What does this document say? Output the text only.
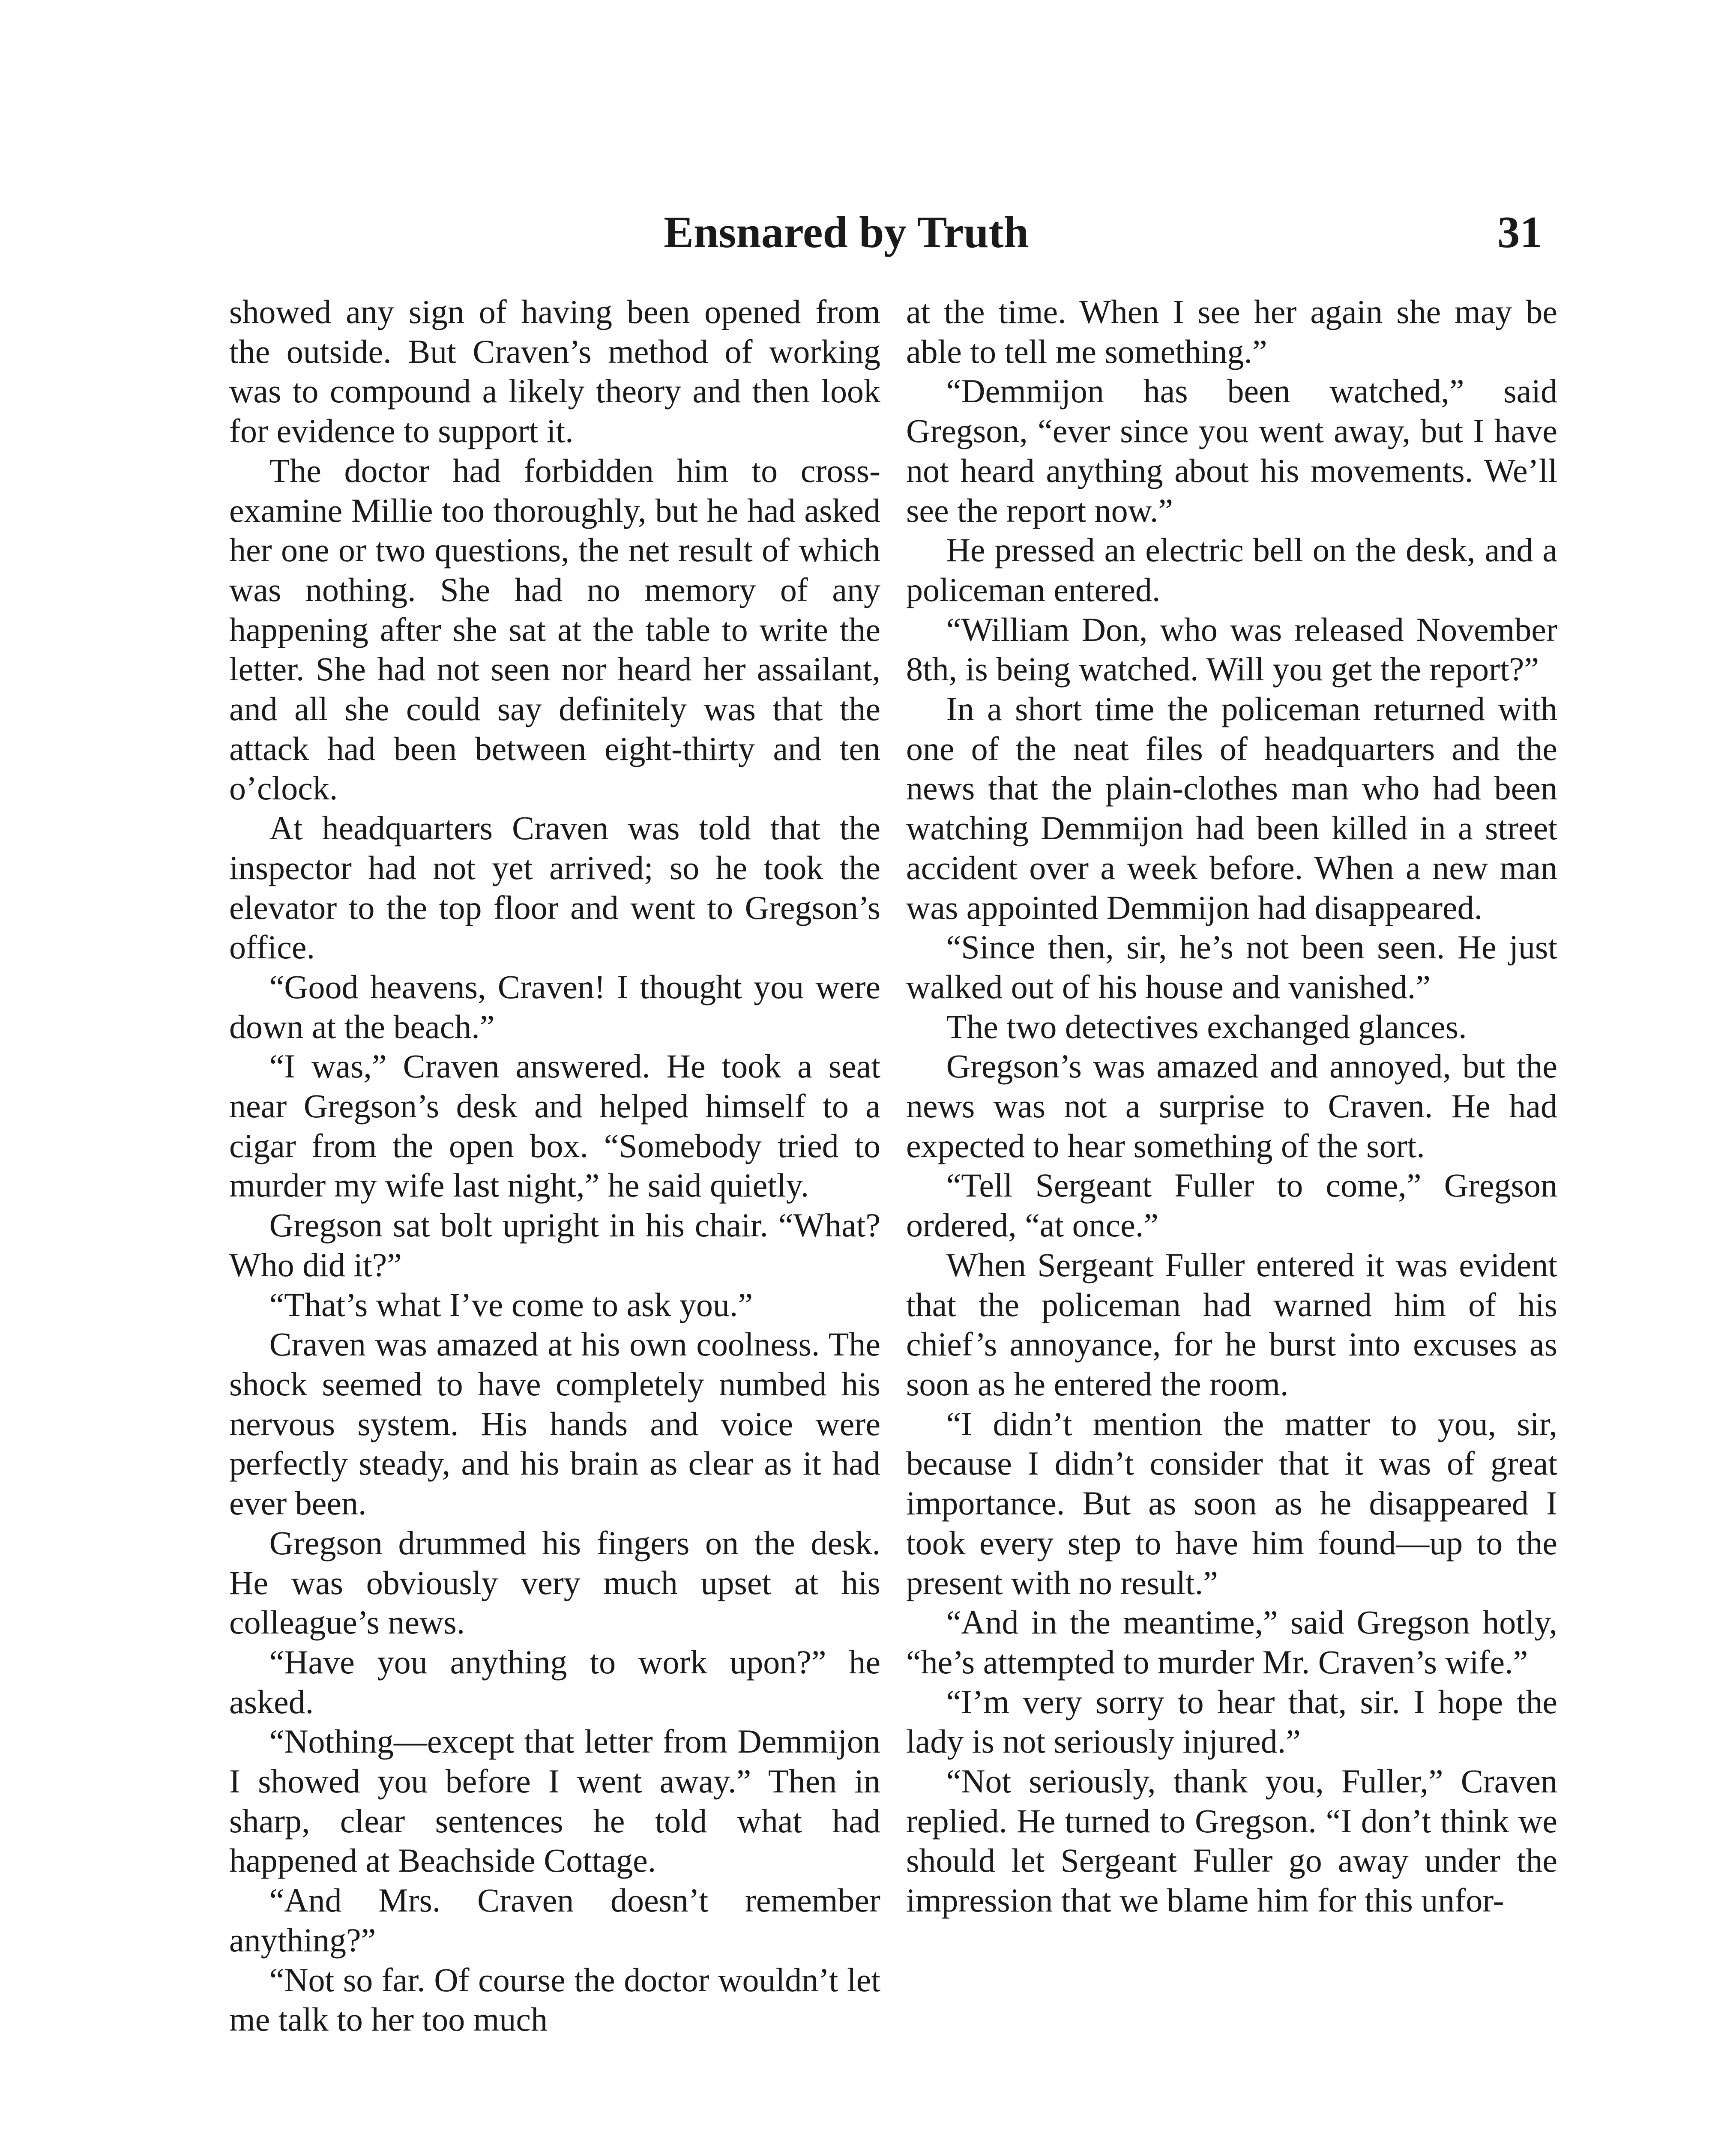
Ensnared by Truth	31

showed any sign of having been opened from the outside. But Craven’s method of working was to compound a likely theory and then look for evidence to support it.

The doctor had forbidden him to cross-examine Millie too thoroughly, but he had asked her one or two questions, the net result of which was nothing. She had no memory of any happening after she sat at the table to write the letter. She had not seen nor heard her assailant, and all she could say definitely was that the attack had been between eight-thirty and ten o’clock.

At headquarters Craven was told that the inspector had not yet arrived; so he took the elevator to the top floor and went to Gregson’s office.

“Good heavens, Craven! I thought you were down at the beach.”

“I was,” Craven answered. He took a seat near Gregson’s desk and helped himself to a cigar from the open box. “Somebody tried to murder my wife last night,” he said quietly.

Gregson sat bolt upright in his chair. “What? Who did it?”

“That’s what I’ve come to ask you.”

Craven was amazed at his own coolness. The shock seemed to have completely numbed his nervous system. His hands and voice were perfectly steady, and his brain as clear as it had ever been.

Gregson drummed his fingers on the desk. He was obviously very much upset at his colleague’s news.

“Have you anything to work upon?” he asked.

“Nothing—except that letter from Demmijon I showed you before I went away.” Then in sharp, clear sentences he told what had happened at Beachside Cottage.

“And Mrs. Craven doesn’t remember anything?”

“Not so far. Of course the doctor wouldn’t let me talk to her too much

at the time. When I see her again she may be able to tell me something.”

“Demmijon has been watched,” said Gregson, “ever since you went away, but I have not heard anything about his movements. We’ll see the report now.”

He pressed an electric bell on the desk, and a policeman entered.

“William Don, who was released November 8th, is being watched. Will you get the report?”

In a short time the policeman returned with one of the neat files of headquarters and the news that the plain-clothes man who had been watching Demmijon had been killed in a street accident over a week before. When a new man was appointed Demmijon had disappeared.

“Since then, sir, he’s not been seen. He just walked out of his house and vanished.”

The two detectives exchanged glances.

Gregson’s was amazed and annoyed, but the news was not a surprise to Craven. He had expected to hear something of the sort.

“Tell Sergeant Fuller to come,” Gregson ordered, “at once.”

When Sergeant Fuller entered it was evident that the policeman had warned him of his chief’s annoyance, for he burst into excuses as soon as he entered the room.

“I didn’t mention the matter to you, sir, because I didn’t consider that it was of great importance. But as soon as he disappeared I took every step to have him found—up to the present with no result.”

“And in the meantime,” said Gregson hotly, “he’s attempted to murder Mr. Craven’s wife.”

“I’m very sorry to hear that, sir. I hope the lady is not seriously injured.”

“Not seriously, thank you, Fuller,” Craven replied. He turned to Gregson. “I don’t think we should let Sergeant Fuller go away under the impression that we blame him for this unfor-
